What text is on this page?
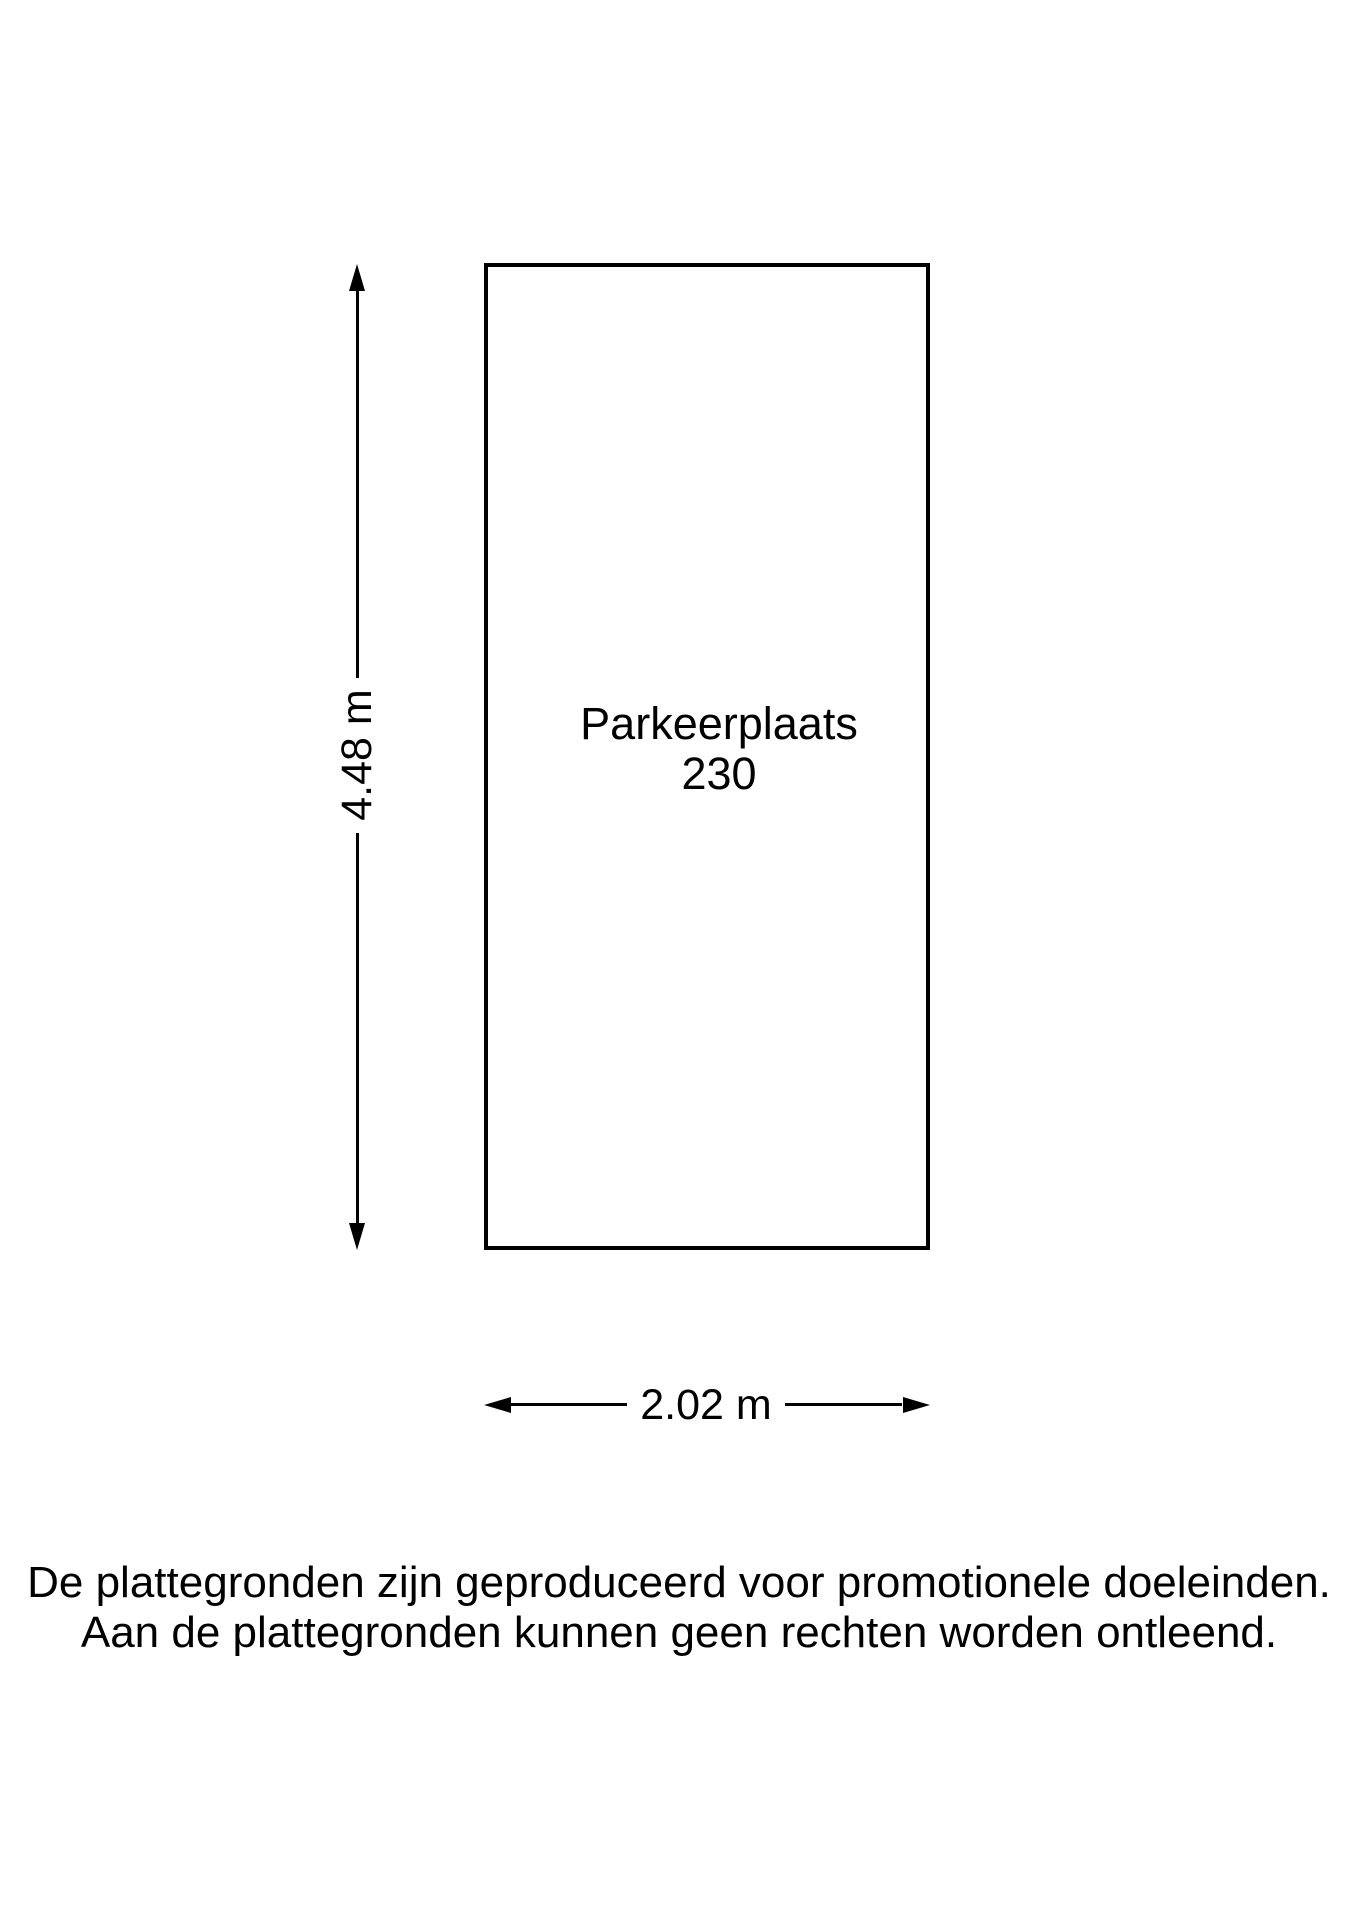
Parkeerplaats
230
4.48 m
2.02 m
De plattegronden zijn geproduceerd voor promotionele doeleinden.
Aan de plattegronden kunnen geen rechten worden ontleend.
